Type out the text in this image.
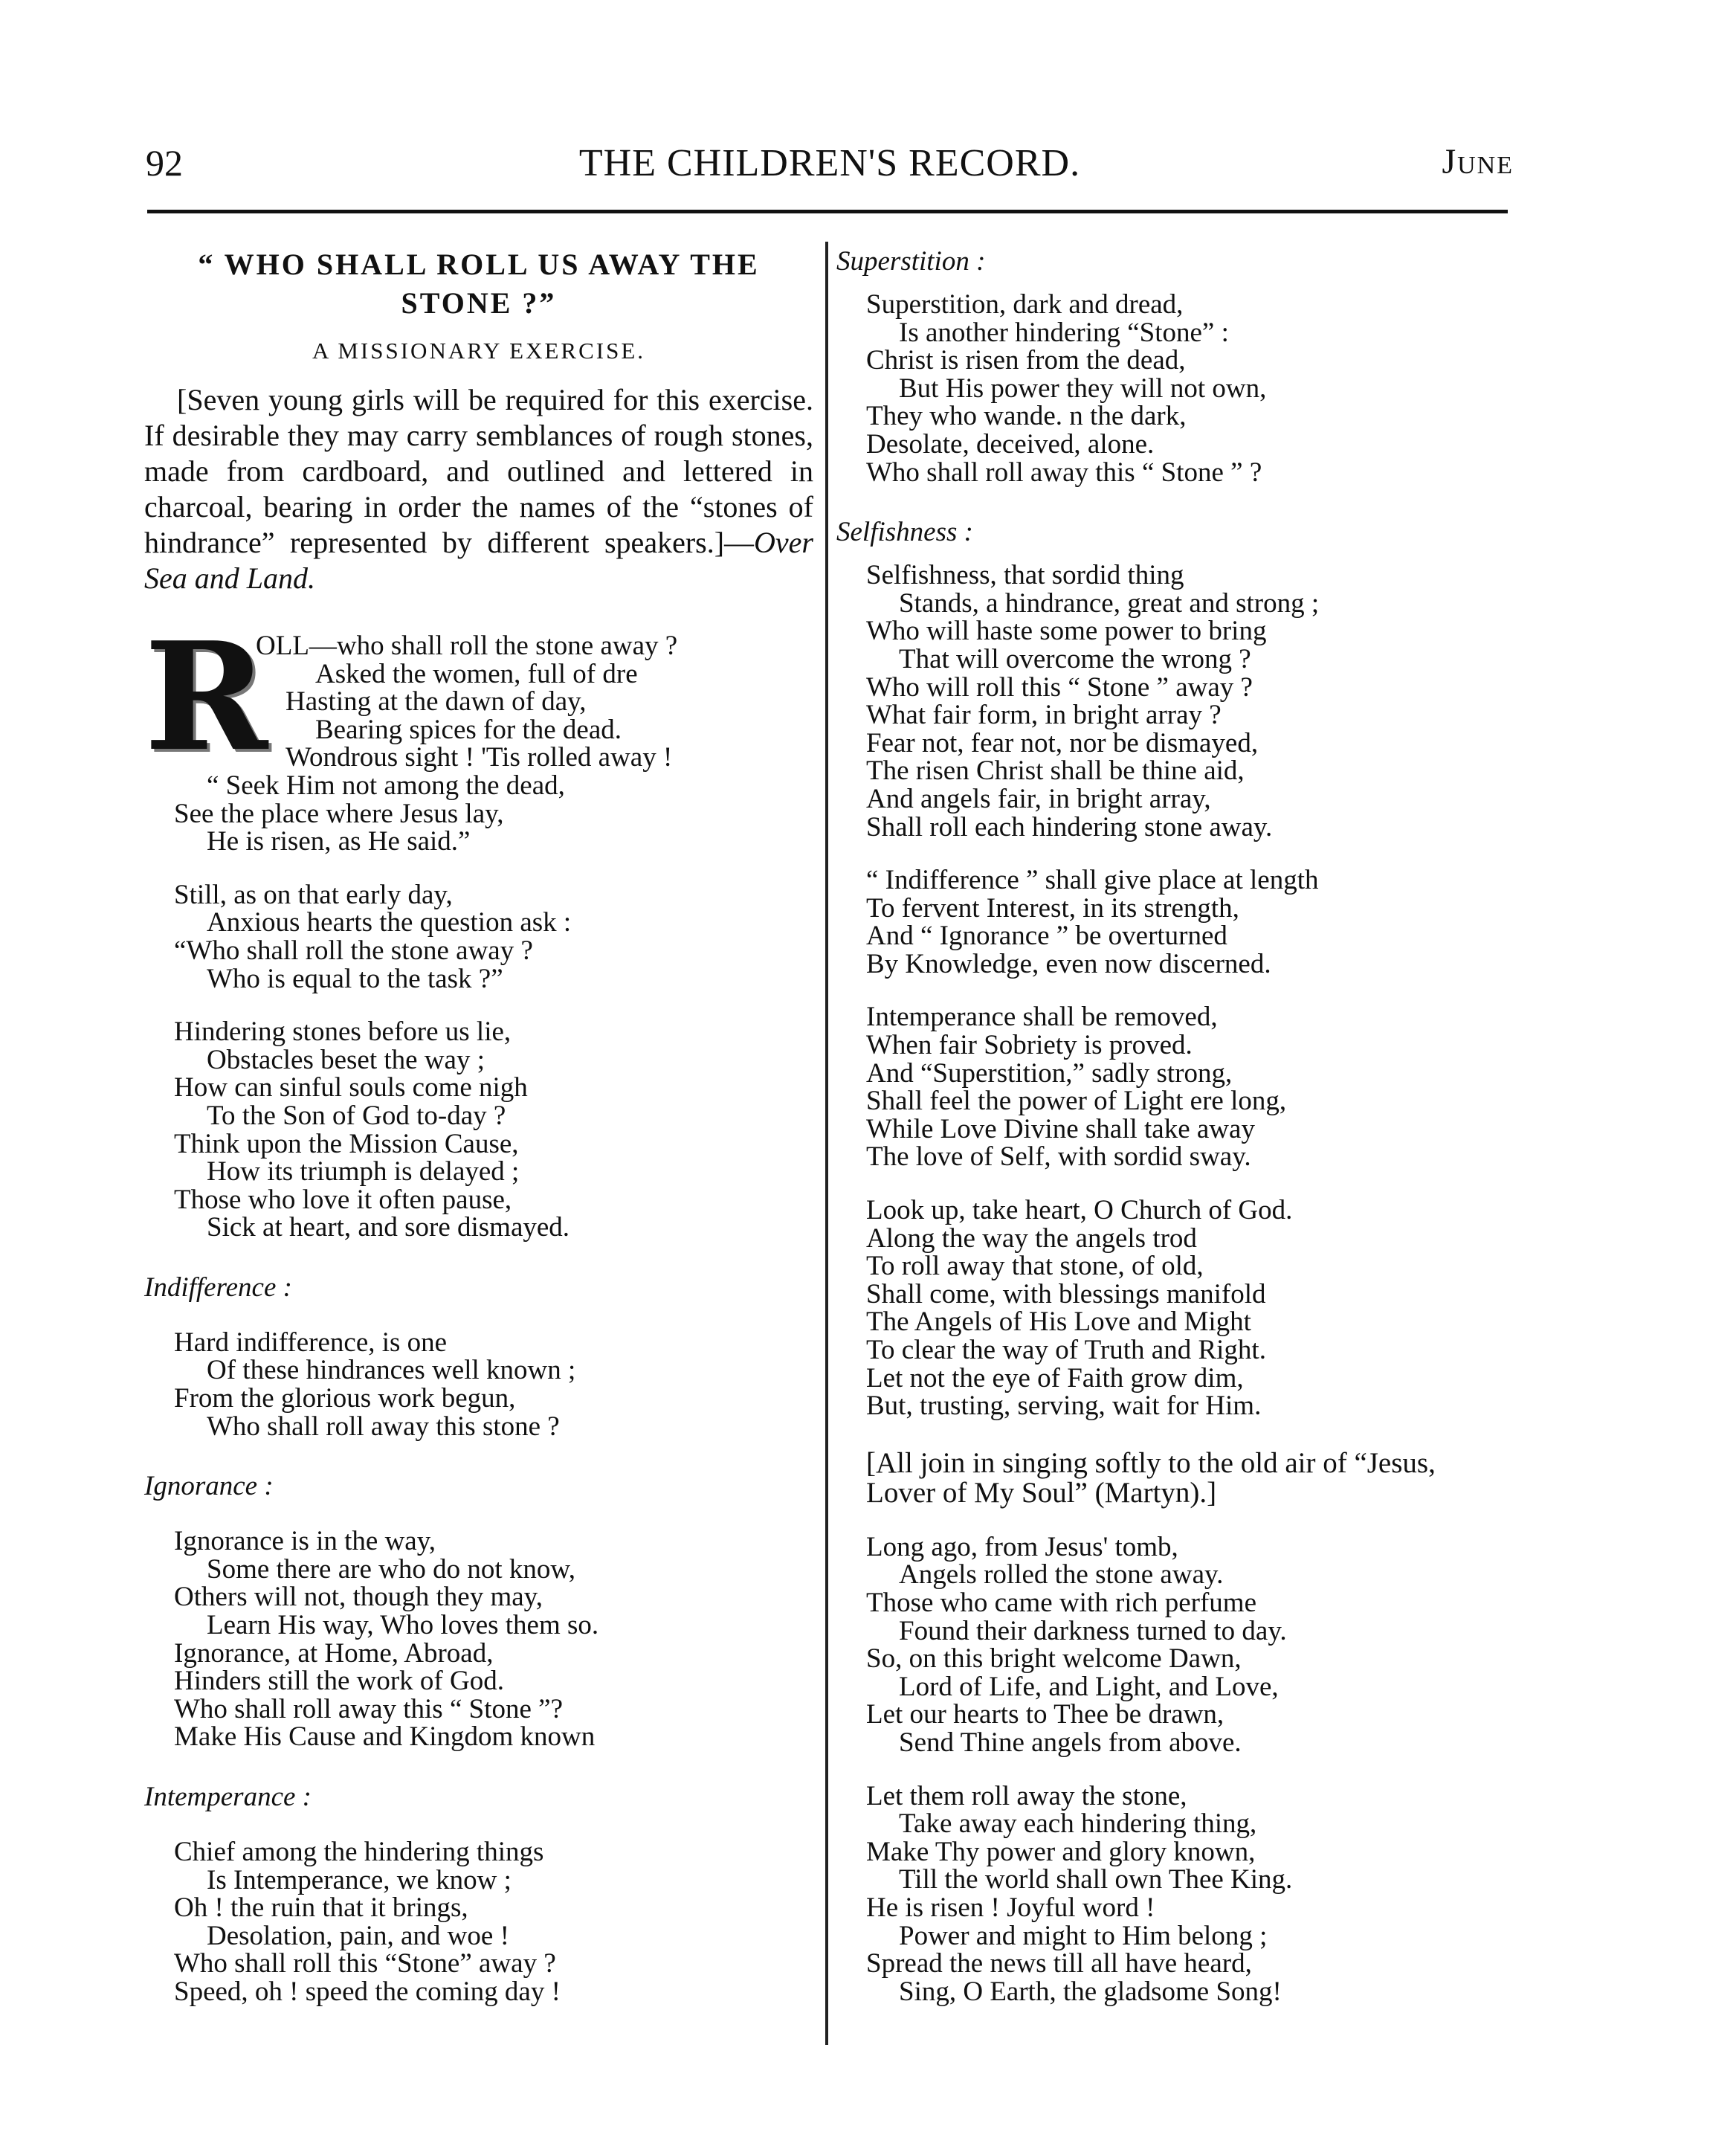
92	THE CHILDREN'S RECORD.	June

“ WHO SHALL ROLL US AWAY THE STONE ?”

A MISSIONARY EXERCISE.

[Seven young girls will be required for this exercise. If desirable they may carry semblances of rough stones, made from cardboard, and outlined and lettered in charcoal, bearing in order the names of the “stones of hindrance” represented by different speakers.]—Over Sea and Land.

R
OLL—who shall roll the stone away ?
Asked the women, full of dre
Hasting at the dawn of day,
Bearing spices for the dead.
Wondrous sight ! 'Tis rolled away !
“ Seek Him not among the dead,
See the place where Jesus lay,
He is risen, as He said.”
Still, as on that early day,
Anxious hearts the question ask :
“Who shall roll the stone away ?
Who is equal to the task ?”
Hindering stones before us lie,
Obstacles beset the way ;
How can sinful souls come nigh
To the Son of God to-day ?
Think upon the Mission Cause,
How its triumph is delayed ;
Those who love it often pause,
Sick at heart, and sore dismayed.
Indifference :
Hard indifference, is one
Of these hindrances well known ;
From the glorious work begun,
Who shall roll away this stone ?
Ignorance :
Ignorance is in the way,
Some there are who do not know,
Others will not, though they may,
Learn His way, Who loves them so.
Ignorance, at Home, Abroad,
Hinders still the work of God.
Who shall roll away this “ Stone ”?
Make His Cause and Kingdom known
Intemperance :
Chief among the hindering things
Is Intemperance, we know ;
Oh ! the ruin that it brings,
Desolation, pain, and woe !
Who shall roll this “Stone” away ?
Speed, oh ! speed the coming day !
Superstition :
Superstition, dark and dread,
Is another hindering “Stone” :
Christ is risen from the dead,
But His power they will not own,
They who wande. n the dark,
Desolate, deceived, alone.
Who shall roll away this “ Stone ” ?
Selfishness :
Selfishness, that sordid thing
Stands, a hindrance, great and strong ;
Who will haste some power to bring
That will overcome the wrong ?
Who will roll this “ Stone ” away ?
What fair form, in bright array ?
Fear not, fear not, nor be dismayed,
The risen Christ shall be thine aid,
And angels fair, in bright array,
Shall roll each hindering stone away.
“ Indifference ” shall give place at length
To fervent Interest, in its strength,
And “ Ignorance ” be overturned
By Knowledge, even now discerned.
Intemperance shall be removed,
When fair Sobriety is proved.
And “Superstition,” sadly strong,
Shall feel the power of Light ere long,
While Love Divine shall take away
The love of Self, with sordid sway.
Look up, take heart, O Church of God.
Along the way the angels trod
To roll away that stone, of old,
Shall come, with blessings manifold
The Angels of His Love and Might
To clear the way of Truth and Right.
Let not the eye of Faith grow dim,
But, trusting, serving, wait for Him.

[All join in singing softly to the old air of “Jesus, Lover of My Soul” (Martyn).]

Long ago, from Jesus' tomb,
Angels rolled the stone away.
Those who came with rich perfume
Found their darkness turned to day.
So, on this bright welcome Dawn,
Lord of Life, and Light, and Love,
Let our hearts to Thee be drawn,
Send Thine angels from above.
Let them roll away the stone,
Take away each hindering thing,
Make Thy power and glory known,
Till the world shall own Thee King.
He is risen ! Joyful word !
Power and might to Him belong ;
Spread the news till all have heard,
Sing, O Earth, the gladsome Song!
